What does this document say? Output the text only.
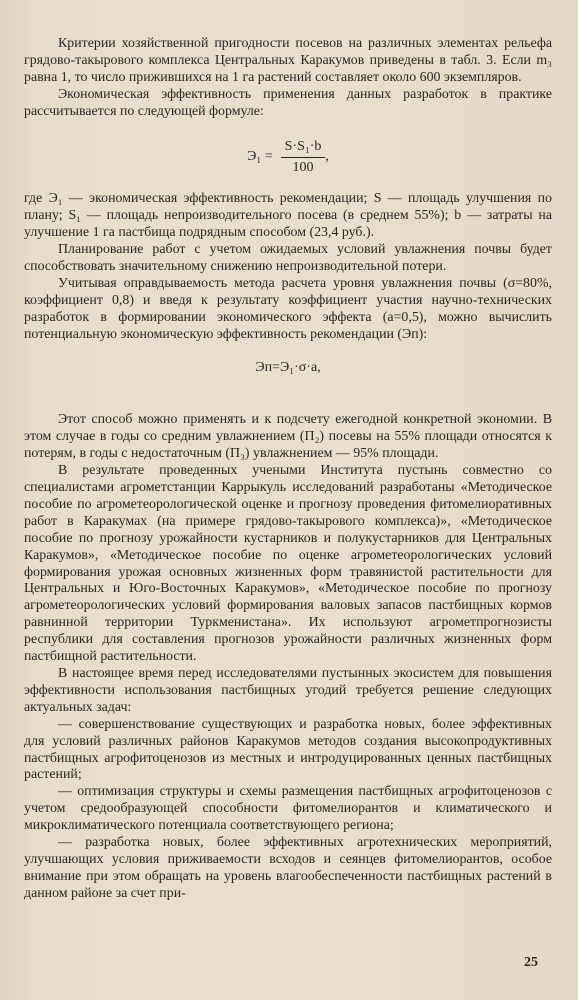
Критерии хозяйственной пригодности посевов на различных элементах рельефа грядово-такырового комплекса Центральных Каракумов приведены в табл. 3. Если m₃ равна 1, то число прижившихся на 1 га растений составляет около 600 экземпляров.

Экономическая эффективность применения данных разработок в практике рассчитывается по следующей формуле:

$Э_1 = \frac{\text{S·S₁·b}}{100}$ ,

где Э₁ — экономическая эффективность рекомендации; S — площадь улучшения по плану; S₁ — площадь непроизводительного посева (в среднем 55%); b — затраты на улучшение 1 га пастбища подрядным способом (23,4 руб.).

Планирование работ с учетом ожидаемых условий увлажнения почвы будет способствовать значительному снижению непроизводительной потери.

Учитывая оправдываемость метода расчета уровня увлажнения почвы (σ=80%, коэффициент 0,8) и введя к результату коэффициент участия научно-технических разработок в формировании экономического эффекта (a=0,5), можно вычислить потенциальную экономическую эффективность рекомендации (Эп):

Эп=Э₁·σ·a,

Этот способ можно применять и к подсчету ежегодной конкретной экономии. В этом случае в годы со средним увлажнением (П₂) посевы на 55% площади относятся к потерям, в годы с недостаточным (П₃) увлажнением — 95% площади.

В результате проведенных учеными Института пустынь совместно со специалистами агрометстанции Каррыкуль исследований разработаны «Методическое пособие по агрометеорологической оценке и прогнозу проведения фитомелиоративных работ в Каракумах (на примере грядово-такырового комплекса)», «Методическое пособие по прогнозу урожайности кустарников и полукустарников для Центральных Каракумов», «Методическое пособие по оценке агрометеорологических условий формирования урожая основных жизненных форм травянистой растительности для Центральных и Юго-Восточных Каракумов», «Методическое пособие по прогнозу агрометеорологических условий формирования валовых запасов пастбищных кормов равнинной территории Туркменистана». Их используют агрометпрогнозисты республики для составления прогнозов урожайности различных жизненных форм пастбищной растительности.

В настоящее время перед исследователями пустынных экосистем для повышения эффективности использования пастбищных угодий требуется решение следующих актуальных задач:

— совершенствование существующих и разработка новых, более эффективных для условий различных районов Каракумов методов создания высокопродуктивных пастбищных агрофитоценозов из местных и интродуцированных ценных пастбищных растений;

— оптимизация структуры и схемы размещения пастбищных агрофитоценозов с учетом средообразующей способности фитомелиорантов и климатического и микроклиматического потенциала соответствующего региона;

— разработка новых, более эффективных агротехнических мероприятий, улучшающих условия приживаемости всходов и сеянцев фитомелиорантов, особое внимание при этом обращать на уровень влагообеспеченности пастбищных растений в данном районе за счет при-

25
